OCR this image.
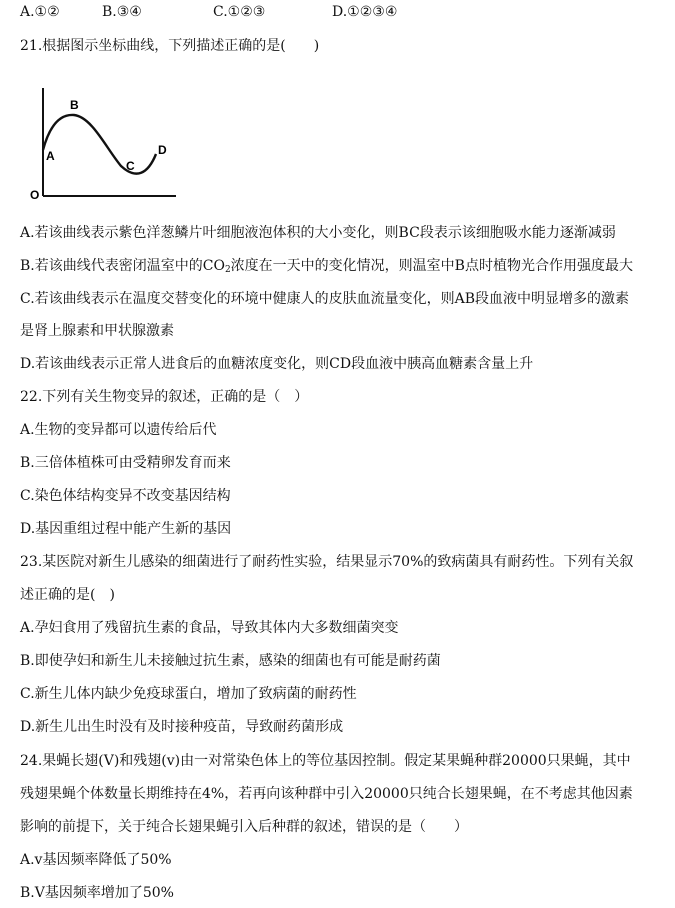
A.①②	B.③④	C.①②③	D.①②③④
21.根据图示坐标曲线，下列描述正确的是(　　)
A
B
C
D
O
A.若该曲线表示紫色洋葱鳞片叶细胞液泡体积的大小变化，则BC段表示该细胞吸水能力逐渐减弱
B.若该曲线代表密闭温室中的$CO_2$浓度在一天中的变化情况，则温室中B点时植物光合作用强度最大
C.若该曲线表示在温度交替变化的环境中健康人的皮肤血流量变化，则AB段血液中明显增多的激素
是肾上腺素和甲状腺激素
D.若该曲线表示正常人进食后的血糖浓度变化，则CD段血液中胰高血糖素含量上升
22.下列有关生物变异的叙述，正确的是（　）
A.生物的变异都可以遗传给后代
B.三倍体植株可由受精卵发育而来
C.染色体结构变异不改变基因结构
D.基因重组过程中能产生新的基因
23.某医院对新生儿感染的细菌进行了耐药性实验，结果显示70%的致病菌具有耐药性。下列有关叙
述正确的是(　)
A.孕妇食用了残留抗生素的食品，导致其体内大多数细菌突变
B.即使孕妇和新生儿未接触过抗生素，感染的细菌也有可能是耐药菌
C.新生儿体内缺少免疫球蛋白，增加了致病菌的耐药性
D.新生儿出生时没有及时接种疫苗，导致耐药菌形成
24.果蝇长翅(V)和残翅(v)由一对常染色体上的等位基因控制。假定某果蝇种群20000只果蝇，其中
残翅果蝇个体数量长期维持在4%，若再向该种群中引入20000只纯合长翅果蝇，在不考虑其他因素
影响的前提下，关于纯合长翅果蝇引入后种群的叙述，错误的是（　　）
A.v基因频率降低了50%
B.V基因频率增加了50%
